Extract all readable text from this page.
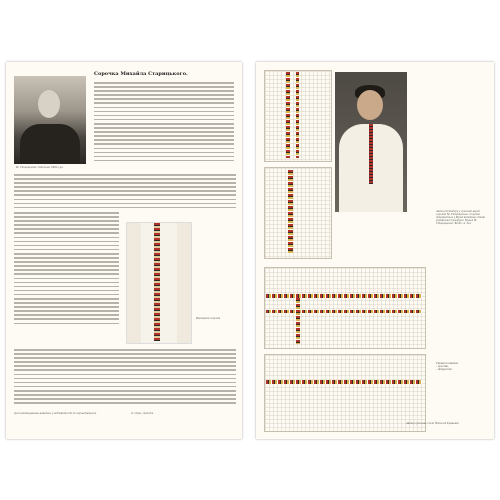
М. Старицький. Світлина 1900-х рр.
Сорочка Михайла Старицького.
Фрагмент сорочки
Далі найменування наведено у відповідності до першоджерела.	О. Сірко, тексти
Антон Остабчук у сучасній версії сорочки М. Старицького. Сорочка зберігається у Музеї видатних діячів української культури. Музей М. Старицького. Фото: А. Зел
Умовні позначки :
– хрестик,
– півхрестик.
Автор сучасних схем: Наталія Кривенко
